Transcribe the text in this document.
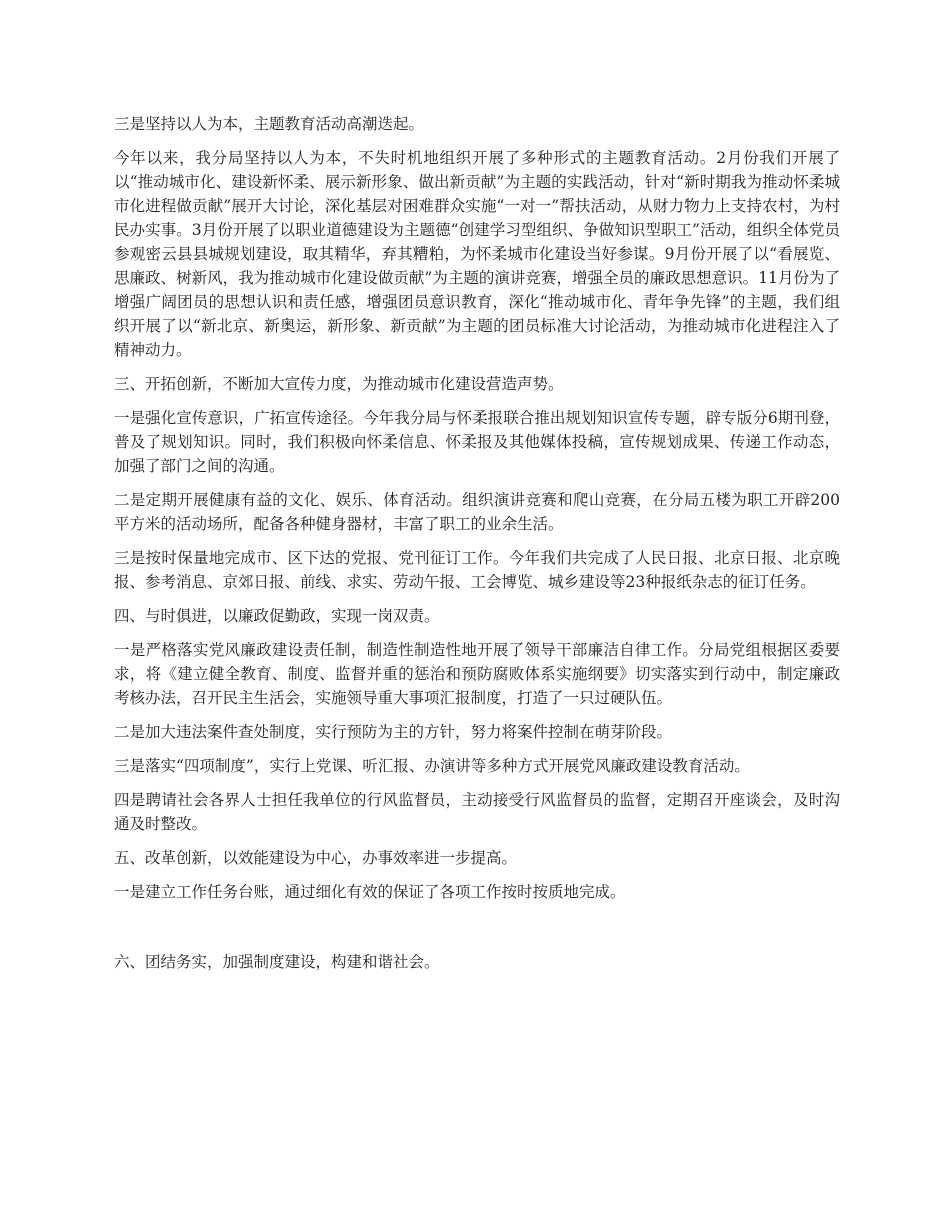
三是坚持以人为本，主题教育活动高潮迭起。

今年以来，我分局坚持以人为本，不失时机地组织开展了多种形式的主题教育活动。2月份我们开展了以“推动城市化、建设新怀柔、展示新形象、做出新贡献”为主题的实践活动，针对“新时期我为推动怀柔城市化进程做贡献”展开大讨论，深化基层对困难群众实施“一对一”帮扶活动，从财力物力上支持农村，为村民办实事。3月份开展了以职业道德建设为主题德“创建学习型组织、争做知识型职工”活动，组织全体党员参观密云县县城规划建设，取其精华，弃其糟粕，为怀柔城市化建设当好参谋。9月份开展了以“看展览、思廉政、树新风，我为推动城市化建设做贡献”为主题的演讲竞赛，增强全员的廉政思想意识。11月份为了增强广阔团员的思想认识和责任感，增强团员意识教育，深化“推动城市化、青年争先锋”的主题，我们组织开展了以“新北京、新奥运，新形象、新贡献”为主题的团员标准大讨论活动，为推动城市化进程注入了精神动力。

三、开拓创新，不断加大宣传力度，为推动城市化建设营造声势。

一是强化宣传意识，广拓宣传途径。今年我分局与怀柔报联合推出规划知识宣传专题，辟专版分6期刊登，普及了规划知识。同时，我们积极向怀柔信息、怀柔报及其他媒体投稿，宣传规划成果、传递工作动态，加强了部门之间的沟通。

二是定期开展健康有益的文化、娱乐、体育活动。组织演讲竞赛和爬山竞赛，在分局五楼为职工开辟200平方米的活动场所，配备各种健身器材，丰富了职工的业余生活。

三是按时保量地完成市、区下达的党报、党刊征订工作。今年我们共完成了人民日报、北京日报、北京晚报、参考消息、京郊日报、前线、求实、劳动午报、工会博览、城乡建设等23种报纸杂志的征订任务。

四、与时俱进，以廉政促勤政，实现一岗双责。

一是严格落实党风廉政建设责任制，制造性制造性地开展了领导干部廉洁自律工作。分局党组根据区委要求，将《建立健全教育、制度、监督并重的惩治和预防腐败体系实施纲要》切实落实到行动中，制定廉政考核办法，召开民主生活会，实施领导重大事项汇报制度，打造了一只过硬队伍。

二是加大违法案件查处制度，实行预防为主的方针，努力将案件控制在萌芽阶段。

三是落实“四项制度”，实行上党课、听汇报、办演讲等多种方式开展党风廉政建设教育活动。

四是聘请社会各界人士担任我单位的行风监督员，主动接受行风监督员的监督，定期召开座谈会，及时沟通及时整改。

五、改革创新，以效能建设为中心，办事效率进一步提高。

一是建立工作任务台账，通过细化有效的保证了各项工作按时按质地完成。

六、团结务实，加强制度建设，构建和谐社会。
